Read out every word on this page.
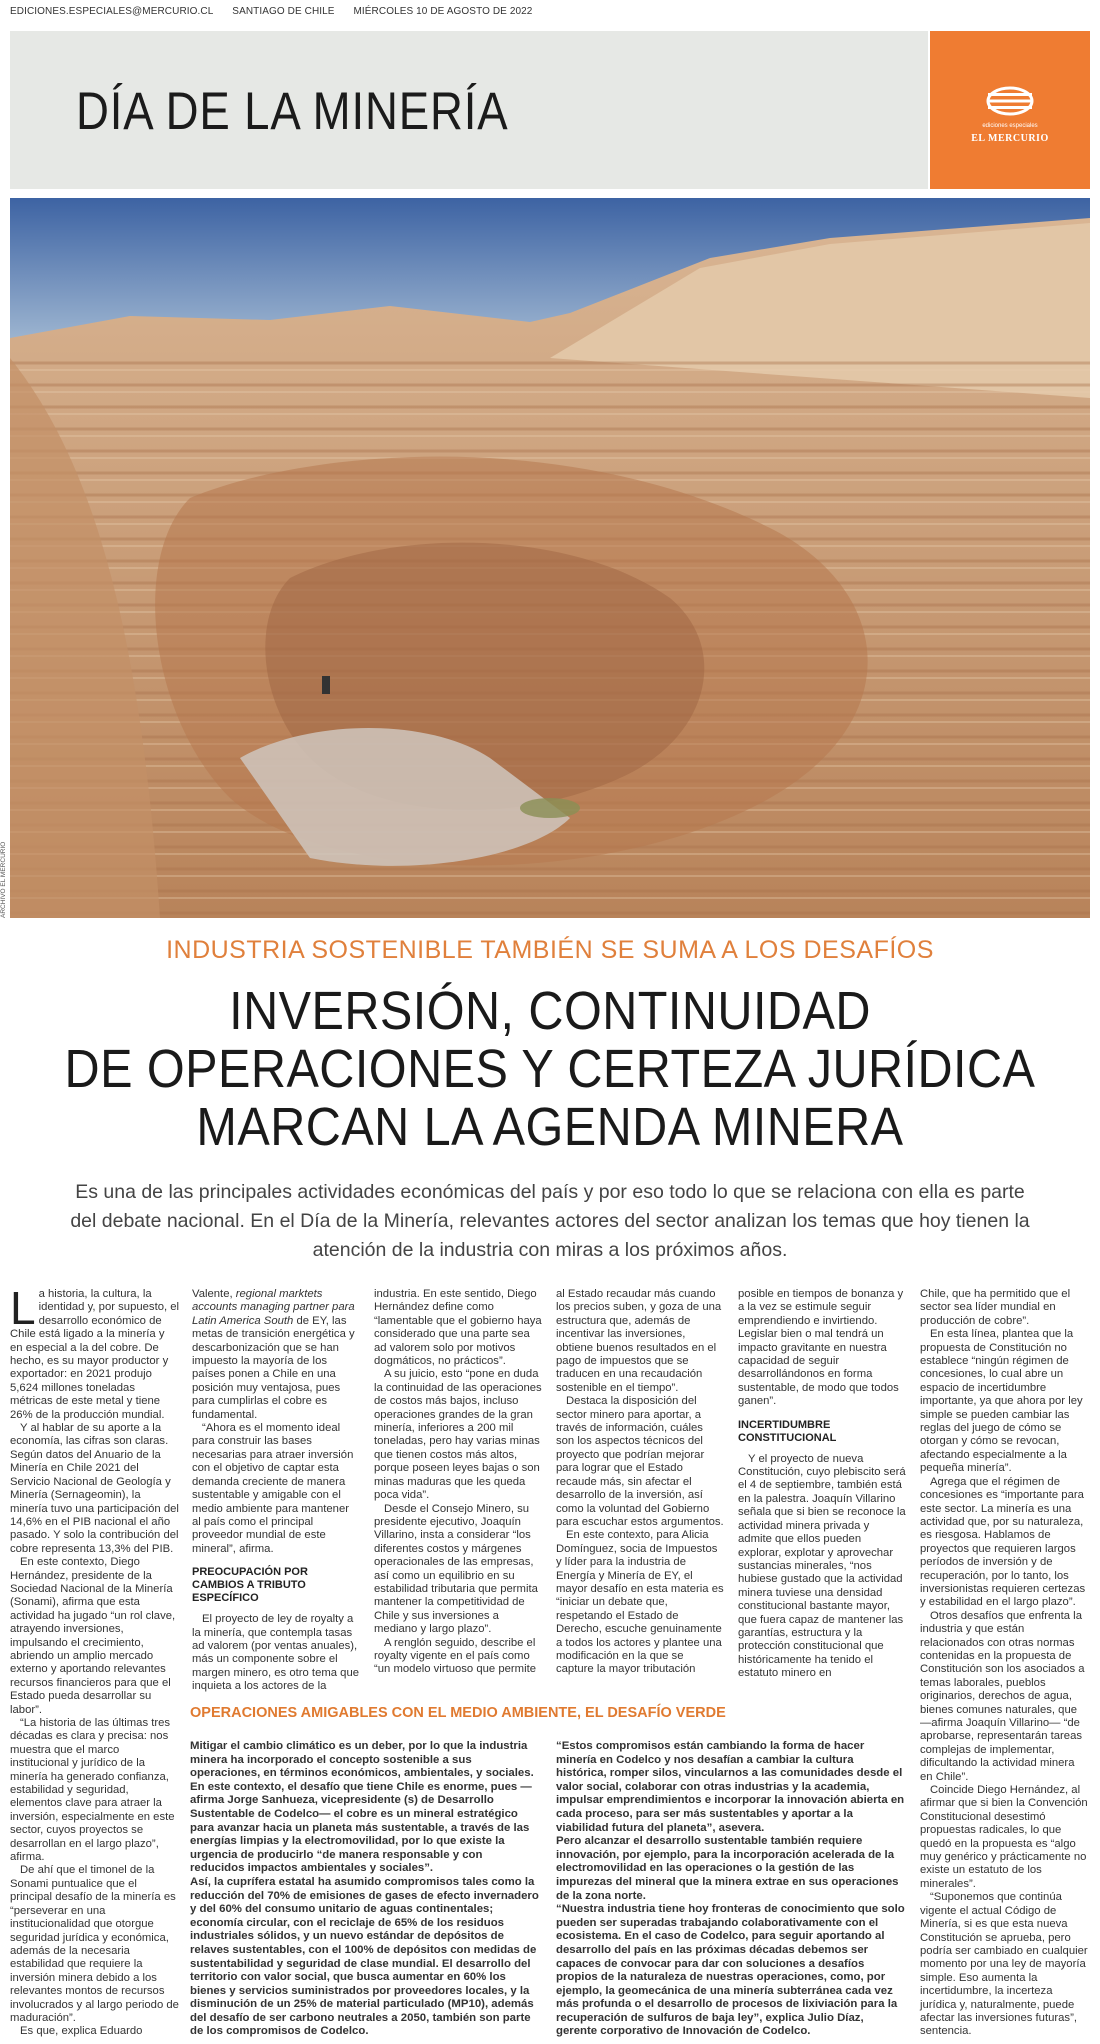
EDICIONES.ESPECIALES@MERCURIO.CL SANTIAGO DE CHILE MIÉRCOLES 10 DE AGOSTO DE 2022
DÍA DE LA MINERÍA	ediciones especiales
EL MERCURIO
ARCHIVO EL MERCURIO
INDUSTRIA SOSTENIBLE TAMBIÉN SE SUMA A LOS DESAFÍOS
INVERSIÓN, CONTINUIDAD
DE OPERACIONES Y CERTEZA JURÍDICA
MARCAN LA AGENDA MINERA
Es una de las principales actividades económicas del país y por eso todo lo que se relaciona con ella es parte del debate nacional. En el Día de la Minería, relevantes actores del sector analizan los temas que hoy tienen la atención de la industria con miras a los próximos años.

La historia, la cultura, la identidad y, por supuesto, el desarrollo económico de Chile está ligado a la minería y en especial a la del cobre. De hecho, es su mayor productor y exportador: en 2021 produjo 5,624 millones toneladas métricas de este metal y tiene 26% de la producción mundial.

Y al hablar de su aporte a la economía, las cifras son claras. Según datos del Anuario de la Minería en Chile 2021 del Servicio Nacional de Geología y Minería (Sernageomin), la minería tuvo una participación del 14,6% en el PIB nacional el año pasado. Y solo la contribución del cobre representa 13,3% del PIB.

En este contexto, Diego Hernández, presidente de la Sociedad Nacional de la Minería (Sonami), afirma que esta actividad ha jugado “un rol clave, atrayendo inversiones, impulsando el crecimiento, abriendo un amplio mercado externo y aportando relevantes recursos financieros para que el Estado pueda desarrollar su labor”.

“La historia de las últimas tres décadas es clara y precisa: nos muestra que el marco institucional y jurídico de la minería ha generado confianza, estabilidad y seguridad, elementos clave para atraer la inversión, especialmente en este sector, cuyos proyectos se desarrollan en el largo plazo”, afirma.

De ahí que el timonel de la Sonami puntualice que el principal desafío de la minería es “perseverar en una institucionalidad que otorgue seguridad jurídica y económica, además de la necesaria estabilidad que requiere la inversión minera debido a los relevantes montos de recursos involucrados y al largo periodo de maduración”.

Es que, explica Eduardo

Valente, regional marktets accounts managing partner para Latin America South de EY, las metas de transición energética y descarbonización que se han impuesto la mayoría de los países ponen a Chile en una posición muy ventajosa, pues para cumplirlas el cobre es fundamental.

“Ahora es el momento ideal para construir las bases necesarias para atraer inversión con el objetivo de captar esta demanda creciente de manera sustentable y amigable con el medio ambiente para mantener al país como el principal proveedor mundial de este mineral”, afirma.

PREOCUPACIÓN POR CAMBIOS A TRIBUTO ESPECÍFICO

El proyecto de ley de royalty a la minería, que contempla tasas ad valorem (por ventas anuales), más un componente sobre el margen minero, es otro tema que inquieta a los actores de la

industria. En este sentido, Diego Hernández define como “lamentable que el gobierno haya considerado que una parte sea ad valorem solo por motivos dogmáticos, no prácticos”.

A su juicio, esto “pone en duda la continuidad de las operaciones de costos más bajos, incluso operaciones grandes de la gran minería, inferiores a 200 mil toneladas, pero hay varias minas que tienen costos más altos, porque poseen leyes bajas o son minas maduras que les queda poca vida”.

Desde el Consejo Minero, su presidente ejecutivo, Joaquín Villarino, insta a considerar “los diferentes costos y márgenes operacionales de las empresas, así como un equilibrio en su estabilidad tributaria que permita mantener la competitividad de Chile y sus inversiones a mediano y largo plazo”.

A renglón seguido, describe el royalty vigente en el país como “un modelo virtuoso que permite

al Estado recaudar más cuando los precios suben, y goza de una estructura que, además de incentivar las inversiones, obtiene buenos resultados en el pago de impuestos que se traducen en una recaudación sostenible en el tiempo”.

Destaca la disposición del sector minero para aportar, a través de información, cuáles son los aspectos técnicos del proyecto que podrían mejorar para lograr que el Estado recaude más, sin afectar el desarrollo de la inversión, así como la voluntad del Gobierno para escuchar estos argumentos.

En este contexto, para Alicia Domínguez, socia de Impuestos y líder para la industria de Energía y Minería de EY, el mayor desafío en esta materia es “iniciar un debate que, respetando el Estado de Derecho, escuche genuinamente a todos los actores y plantee una modificación en la que se capture la mayor tributación

posible en tiempos de bonanza y a la vez se estimule seguir emprendiendo e invirtiendo. Legislar bien o mal tendrá un impacto gravitante en nuestra capacidad de seguir desarrollándonos en forma sustentable, de modo que todos ganen”.

INCERTIDUMBRE CONSTITUCIONAL

Y el proyecto de nueva Constitución, cuyo plebiscito será el 4 de septiembre, también está en la palestra. Joaquín Villarino señala que si bien se reconoce la actividad minera privada y admite que ellos pueden explorar, explotar y aprovechar sustancias minerales, “nos hubiese gustado que la actividad minera tuviese una densidad constitucional bastante mayor, que fuera capaz de mantener las garantías, estructura y la protección constitucional que históricamente ha tenido el estatuto minero en

Chile, que ha permitido que el sector sea líder mundial en producción de cobre”.

En esta línea, plantea que la propuesta de Constitución no establece “ningún régimen de concesiones, lo cual abre un espacio de incertidumbre importante, ya que ahora por ley simple se pueden cambiar las reglas del juego de cómo se otorgan y cómo se revocan, afectando especialmente a la pequeña minería”.

Agrega que el régimen de concesiones es “importante para este sector. La minería es una actividad que, por su naturaleza, es riesgosa. Hablamos de proyectos que requieren largos períodos de inversión y de recuperación, por lo tanto, los inversionistas requieren certezas y estabilidad en el largo plazo”.

Otros desafíos que enfrenta la industria y que están relacionados con otras normas contenidas en la propuesta de Constitución son los asociados a temas laborales, pueblos originarios, derechos de agua, bienes comunes naturales, que —afirma Joaquín Villarino— “de aprobarse, representarán tareas complejas de implementar, dificultando la actividad minera en Chile”.

Coincide Diego Hernández, al afirmar que si bien la Convención Constitucional desestimó propuestas radicales, lo que quedó en la propuesta es “algo muy genérico y prácticamente no existe un estatuto de los minerales”.

“Suponemos que continúa vigente el actual Código de Minería, si es que esta nueva Constitución se aprueba, pero podría ser cambiado en cualquier momento por una ley de mayoría simple. Eso aumenta la incertidumbre, la incerteza jurídica y, naturalmente, puede afectar las inversiones futuras”, sentencia.

OPERACIONES AMIGABLES CON EL MEDIO AMBIENTE, EL DESAFÍO VERDE

Mitigar el cambio climático es un deber, por lo que la industria minera ha incorporado el concepto sostenible a sus operaciones, en términos económicos, ambientales, y sociales. En este contexto, el desafío que tiene Chile es enorme, pues —afirma Jorge Sanhueza, vicepresidente (s) de Desarrollo Sustentable de Codelco— el cobre es un mineral estratégico para avanzar hacia un planeta más sustentable, a través de las energías limpias y la electromovilidad, por lo que existe la urgencia de producirlo “de manera responsable y con reducidos impactos ambientales y sociales”.

Así, la cuprífera estatal ha asumido compromisos tales como la reducción del 70% de emisiones de gases de efecto invernadero y del 60% del consumo unitario de aguas continentales; economía circular, con el reciclaje de 65% de los residuos industriales sólidos, y un nuevo estándar de depósitos de relaves sustentables, con el 100% de depósitos con medidas de sustentabilidad y seguridad de clase mundial. El desarrollo del territorio con valor social, que busca aumentar en 60% los bienes y servicios suministrados por proveedores locales, y la disminución de un 25% de material particulado (MP10), además del desafío de ser carbono neutrales a 2050, también son parte de los compromisos de Codelco.

“Estos compromisos están cambiando la forma de hacer minería en Codelco y nos desafían a cambiar la cultura histórica, romper silos, vincularnos a las comunidades desde el valor social, colaborar con otras industrias y la academia, impulsar emprendimientos e incorporar la innovación abierta en cada proceso, para ser más sustentables y aportar a la viabilidad futura del planeta”, asevera.

Pero alcanzar el desarrollo sustentable también requiere innovación, por ejemplo, para la incorporación acelerada de la electromovilidad en las operaciones o la gestión de las impurezas del mineral que la minera extrae en sus operaciones de la zona norte.

“Nuestra industria tiene hoy fronteras de conocimiento que solo pueden ser superadas trabajando colaborativamente con el ecosistema. En el caso de Codelco, para seguir aportando al desarrollo del país en las próximas décadas debemos ser capaces de convocar para dar con soluciones a desafíos propios de la naturaleza de nuestras operaciones, como, por ejemplo, la geomecánica de una minería subterránea cada vez más profunda o el desarrollo de procesos de lixiviación para la recuperación de sulfuros de baja ley”, explica Julio Díaz, gerente corporativo de Innovación de Codelco.
